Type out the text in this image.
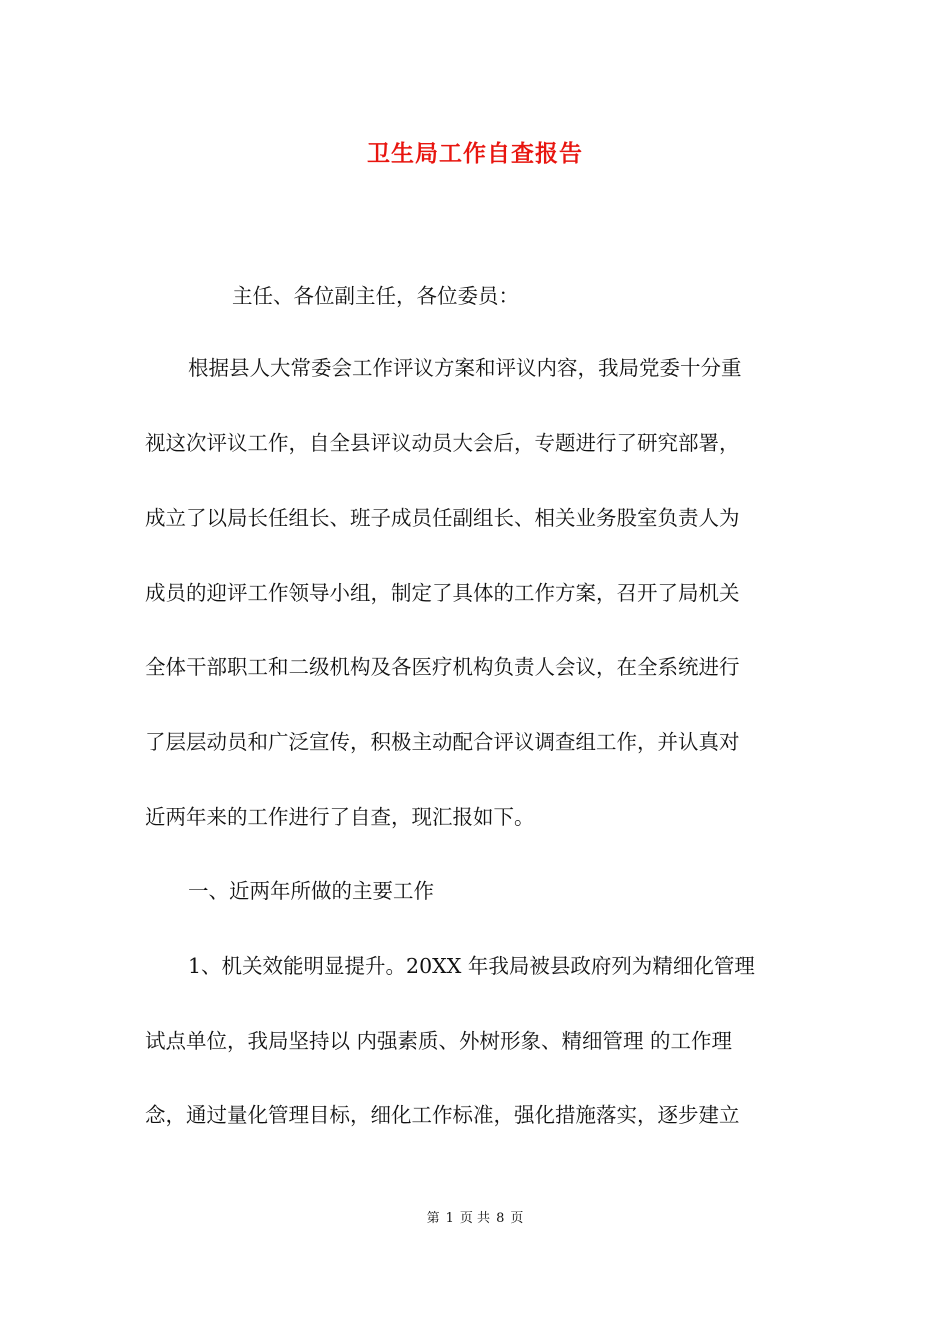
卫生局工作自查报告
主任、各位副主任，各位委员：
根据县人大常委会工作评议方案和评议内容，我局党委十分重
视这次评议工作，自全县评议动员大会后，专题进行了研究部署，
成立了以局长任组长、班子成员任副组长、相关业务股室负责人为
成员的迎评工作领导小组，制定了具体的工作方案，召开了局机关
全体干部职工和二级机构及各医疗机构负责人会议，在全系统进行
了层层动员和广泛宣传，积极主动配合评议调查组工作，并认真对
近两年来的工作进行了自查，现汇报如下。
一、近两年所做的主要工作
1、机关效能明显提升。20XX 年我局被县政府列为精细化管理
试点单位，我局坚持以 内强素质、外树形象、精细管理 的工作理
念，通过量化管理目标，细化工作标准，强化措施落实，逐步建立
第 1 页 共 8 页
